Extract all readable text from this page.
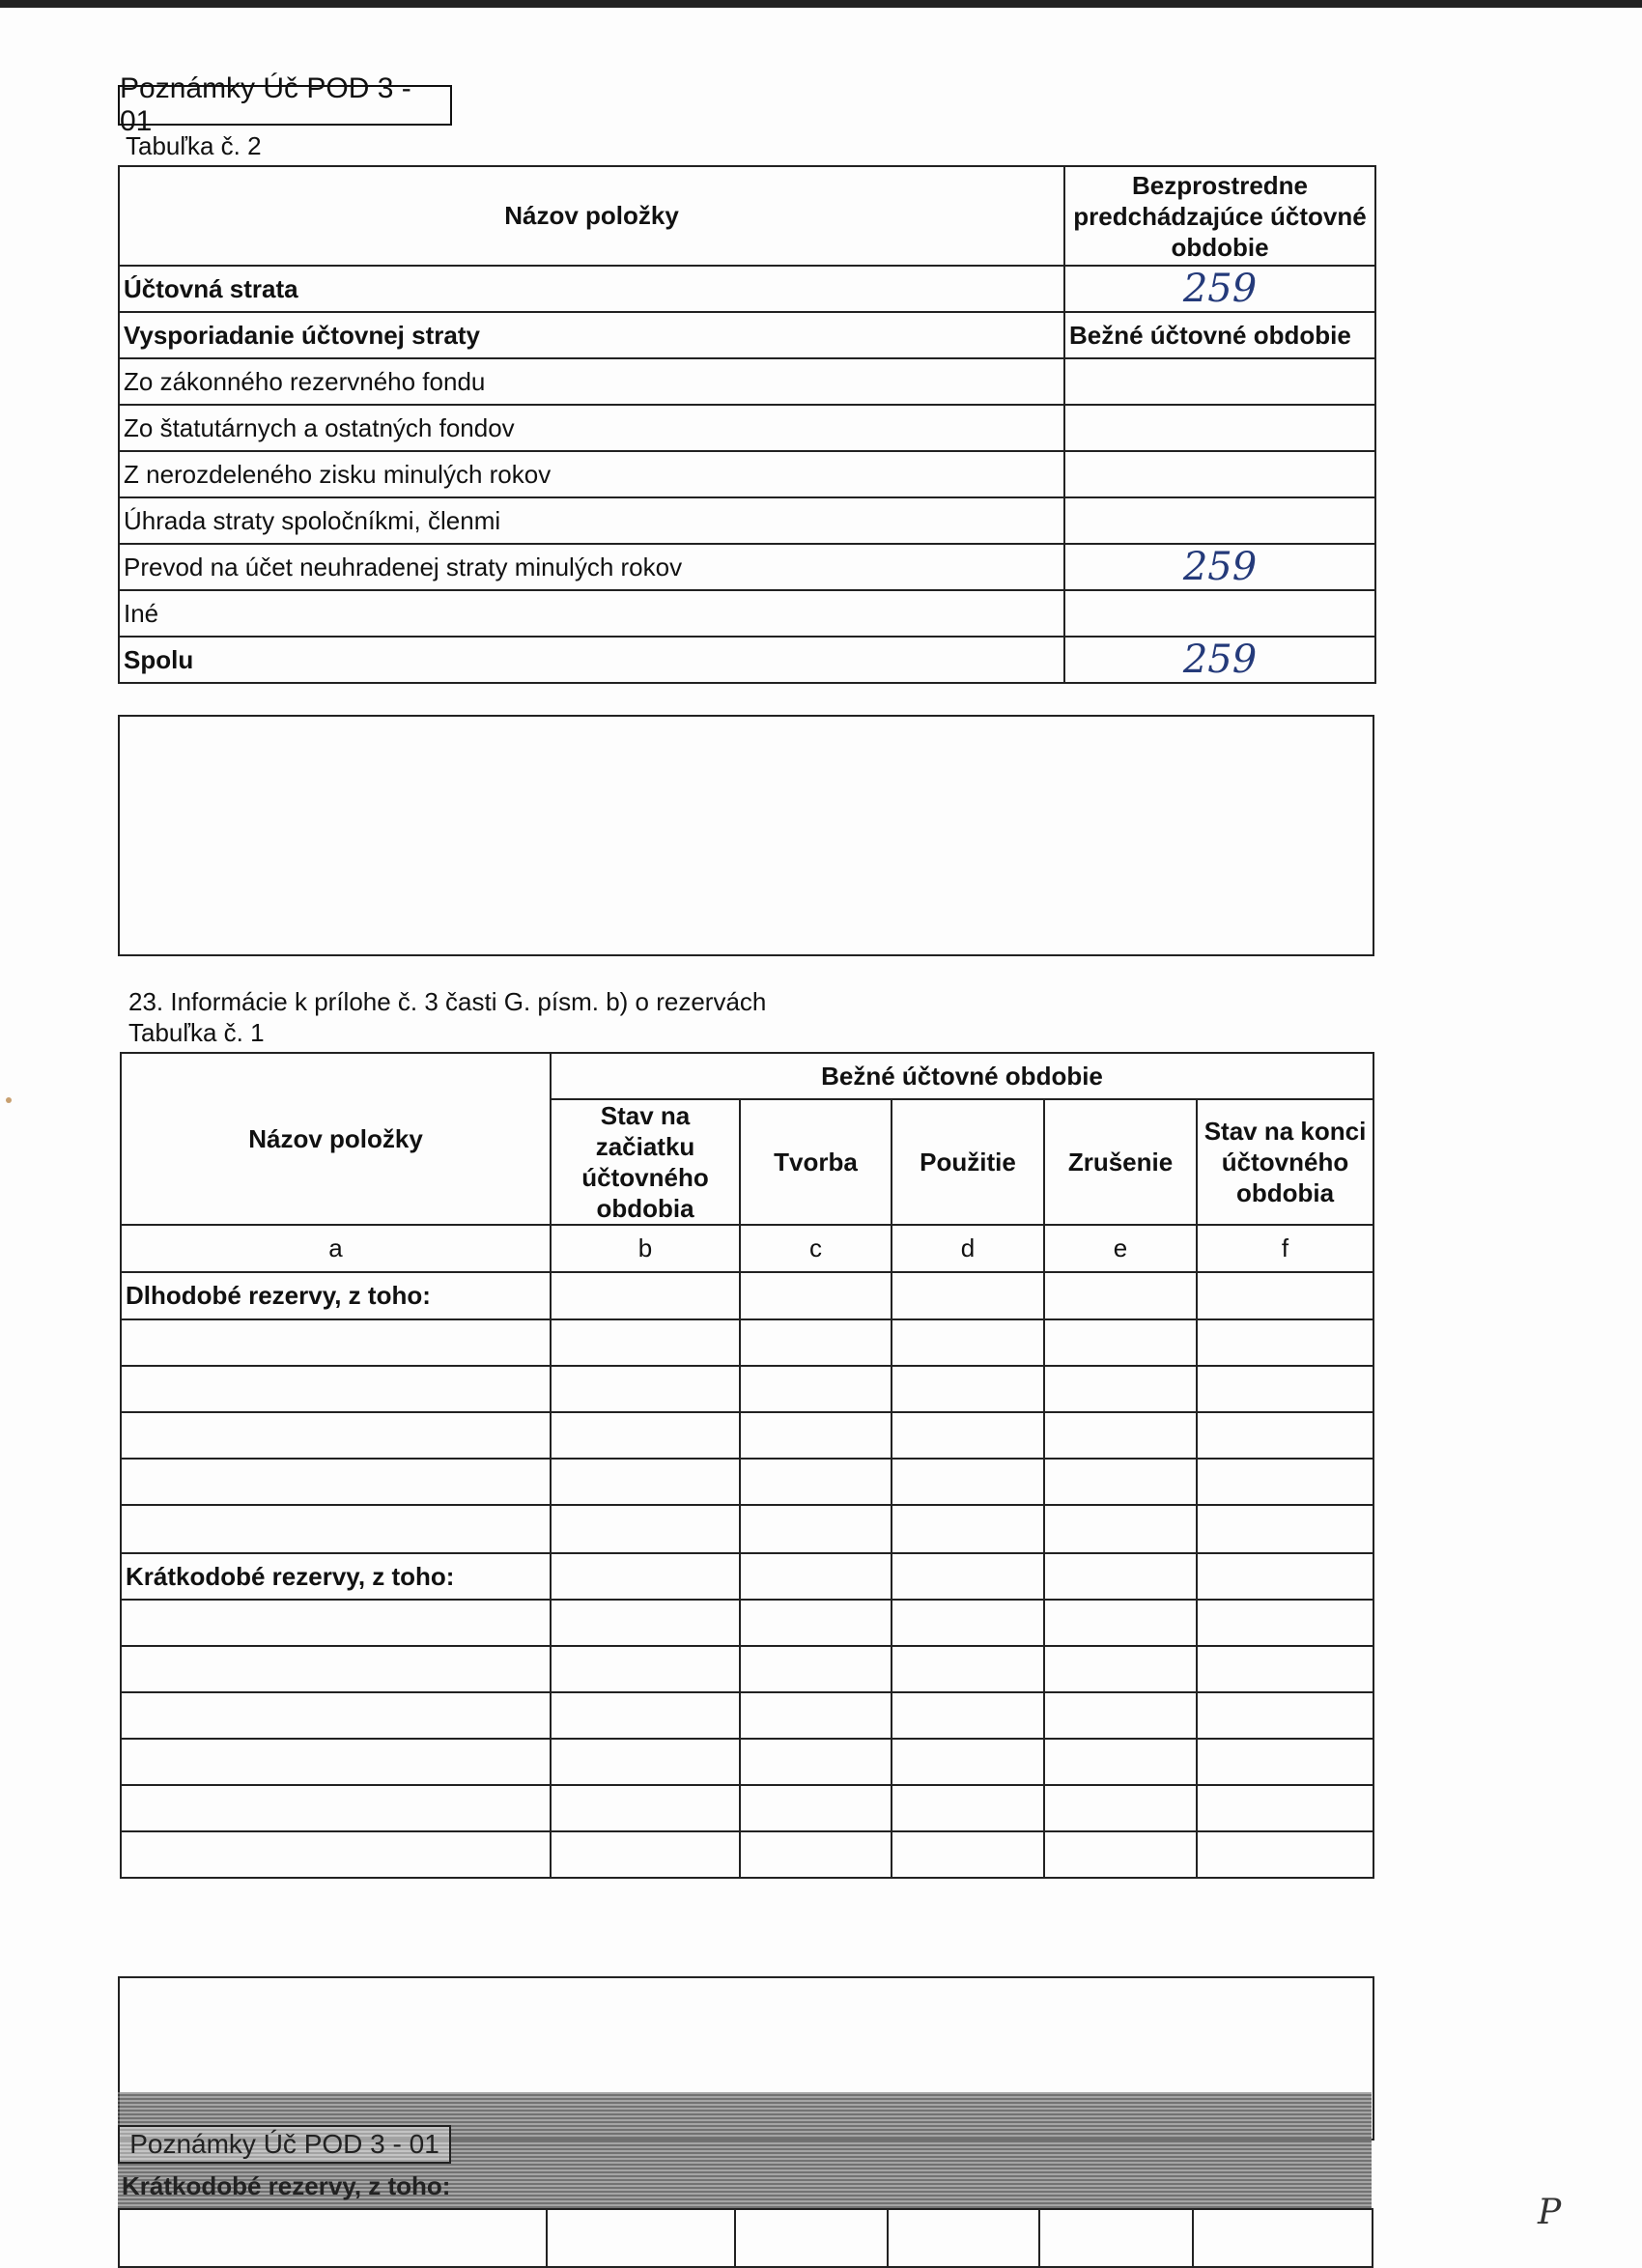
Poznámky Úč POD 3 - 01
Tabuľka č. 2
Názov položky	Bezprostredne predchádzajúce účtovné obdobie
Účtovná strata	259
Vysporiadanie účtovnej straty	Bežné účtovné obdobie
Zo zákonného rezervného fondu	
Zo štatutárnych a ostatných fondov	
Z nerozdeleného zisku minulých rokov	
Úhrada straty spoločníkmi, členmi	
Prevod na účet neuhradenej straty minulých rokov	259
Iné	
Spolu	259
23. Informácie k prílohe č. 3 časti G. písm. b) o rezervách
Tabuľka č. 1
Názov položky	Bežné účtovné obdobie				
	Stav na začiatku účtovného obdobia	Tvorba	Použitie	Zrušenie	Stav na konci účtovného obdobia
a	b	c	d	e	f
Dlhodobé rezervy, z toho:					

Krátkodobé rezervy, z toho:					

Poznámky Úč POD 3 - 01
Krátkodobé rezervy, z toho:

P
